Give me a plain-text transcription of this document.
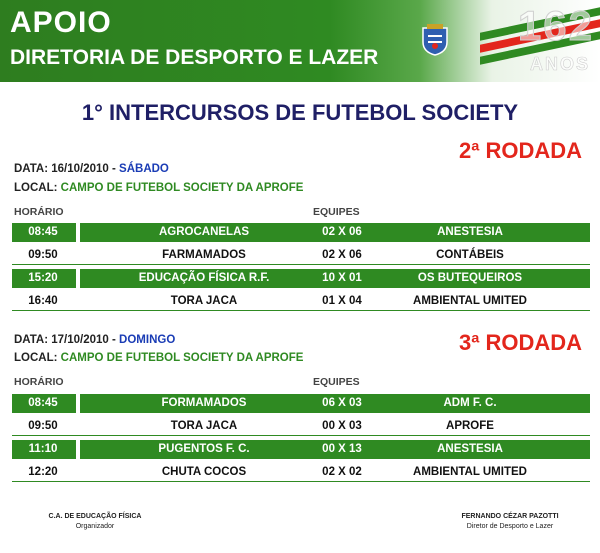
APOIO
DIRETORIA DE DESPORTO E LAZER
162
ANOS
1° INTERCURSOS DE FUTEBOL SOCIETY
2ª RODADA
DATA: 16/10/2010 - SÁBADO
LOCAL: CAMPO DE FUTEBOL SOCIETY DA APROFE
HORÁRIO	EQUIPES
08:45	AGROCANELAS	02 X 06	ANESTESIA
09:50	FARMAMADOS	02 X 06	CONTÁBEIS
15:20	EDUCAÇÃO FÍSICA R.F.	10 X 01	OS BUTEQUEIROS
16:40	TORA JACA	01 X 04	AMBIENTAL UMITED
3ª RODADA
DATA: 17/10/2010 - DOMINGO
LOCAL: CAMPO DE FUTEBOL SOCIETY DA APROFE
HORÁRIO	EQUIPES
08:45	FORMAMADOS	06 X 03	ADM F. C.
09:50	TORA JACA	00 X 03	APROFE
11:10	PUGENTOS F. C.	00 X 13	ANESTESIA
12:20	CHUTA COCOS	02 X 02	AMBIENTAL UMITED
C.A. DE EDUCAÇÃO FÍSICA
Organizador
FERNANDO CÉZAR PAZOTTI
Diretor de Desporto e Lazer
